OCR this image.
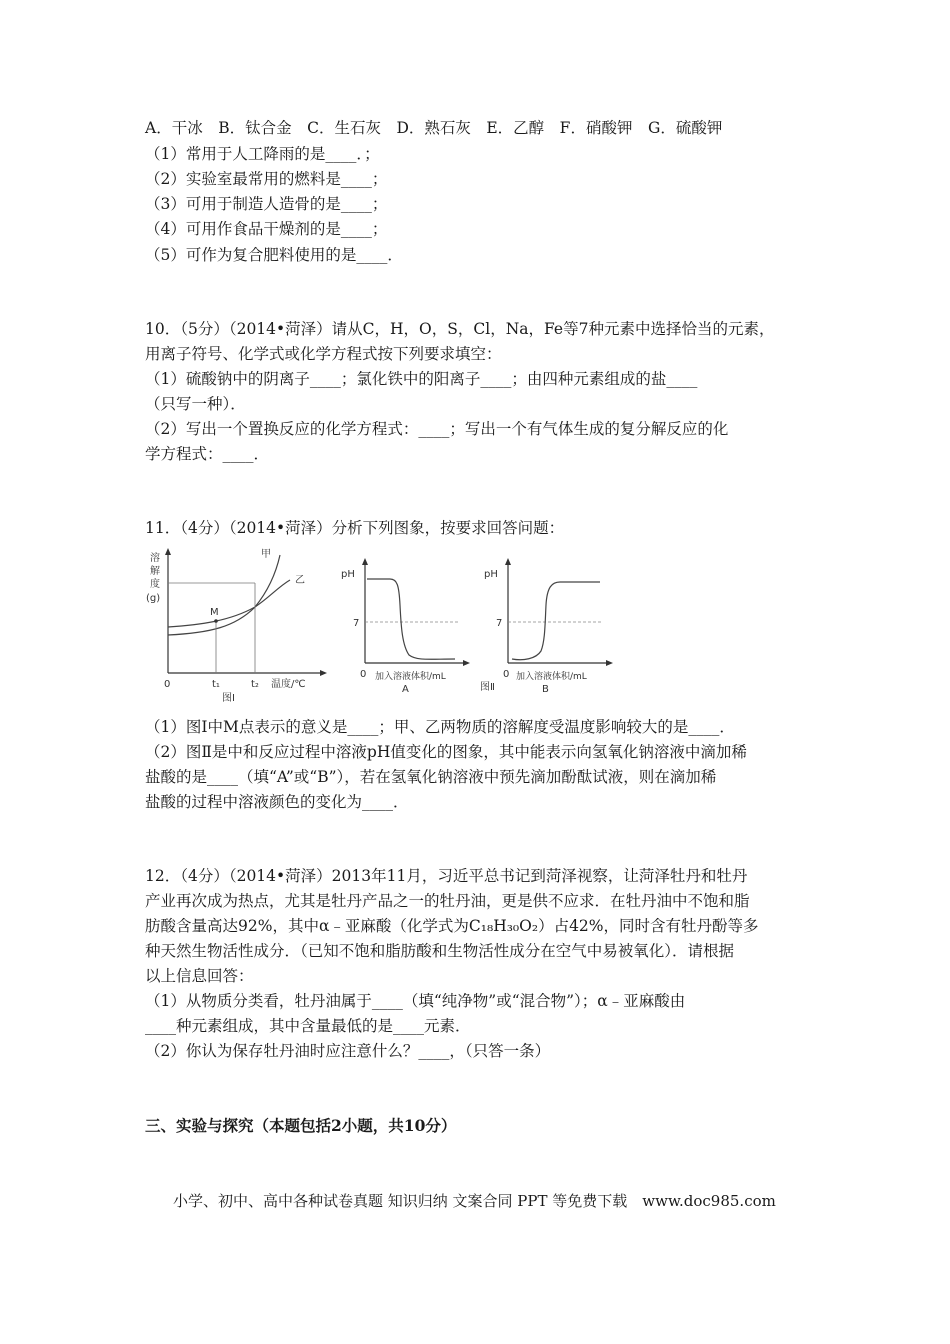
A．干冰　B．钛合金　C．生石灰　D．熟石灰　E．乙醇　F．硝酸钾　G．硫酸钾
（1）常用于人工降雨的是____．；
（2）实验室最常用的燃料是____；
（3）可用于制造人造骨的是____；
（4）可用作食品干燥剂的是____；
（5）可作为复合肥料使用的是____．
10．（5分）（2014•菏泽）请从C，H，O，S，Cl，Na，Fe等7种元素中选择恰当的元素，
用离子符号、化学式或化学方程式按下列要求填空：
（1）硫酸钠中的阴离子____；氯化铁中的阳离子____；由四种元素组成的盐____
（只写一种）．
（2）写出一个置换反应的化学方程式：____；写出一个有气体生成的复分解反应的化
学方程式：____．
11．（4分）（2014•菏泽）分析下列图象，按要求回答问题：
溶
解
度
(g)
甲
乙
M
0	t₁	t₂ 温度/℃
图Ⅰ
pH
7
0 加入溶液体积/mL
A
pH
7
0
图Ⅱ
加入溶液体积/mL
B
（1）图Ⅰ中M点表示的意义是____；甲、乙两物质的溶解度受温度影响较大的是____．
（2）图Ⅱ是中和反应过程中溶液pH值变化的图象，其中能表示向氢氧化钠溶液中滴加稀
盐酸的是____（填“A”或“B”），若在氢氧化钠溶液中预先滴加酚酞试液，则在滴加稀
盐酸的过程中溶液颜色的变化为____．
12．（4分）（2014•菏泽）2013年11月，习近平总书记到菏泽视察，让菏泽牡丹和牡丹
产业再次成为热点，尤其是牡丹产品之一的牡丹油，更是供不应求．在牡丹油中不饱和脂
肪酸含量高达92%，其中α﹣亚麻酸（化学式为C₁₈H₃₀O₂）占42%，同时含有牡丹酚等多
种天然生物活性成分．（已知不饱和脂肪酸和生物活性成分在空气中易被氧化）．请根据
以上信息回答：
（1）从物质分类看，牡丹油属于____（填“纯净物”或“混合物”）；α﹣亚麻酸由
____种元素组成，其中含量最低的是____元素．
（2）你认为保存牡丹油时应注意什么？____，（只答一条）
三、实验与探究（本题包括2小题，共10分）
小学、初中、高中各种试卷真题 知识归纳 文案合同 PPT 等免费下载　www.doc985.com
